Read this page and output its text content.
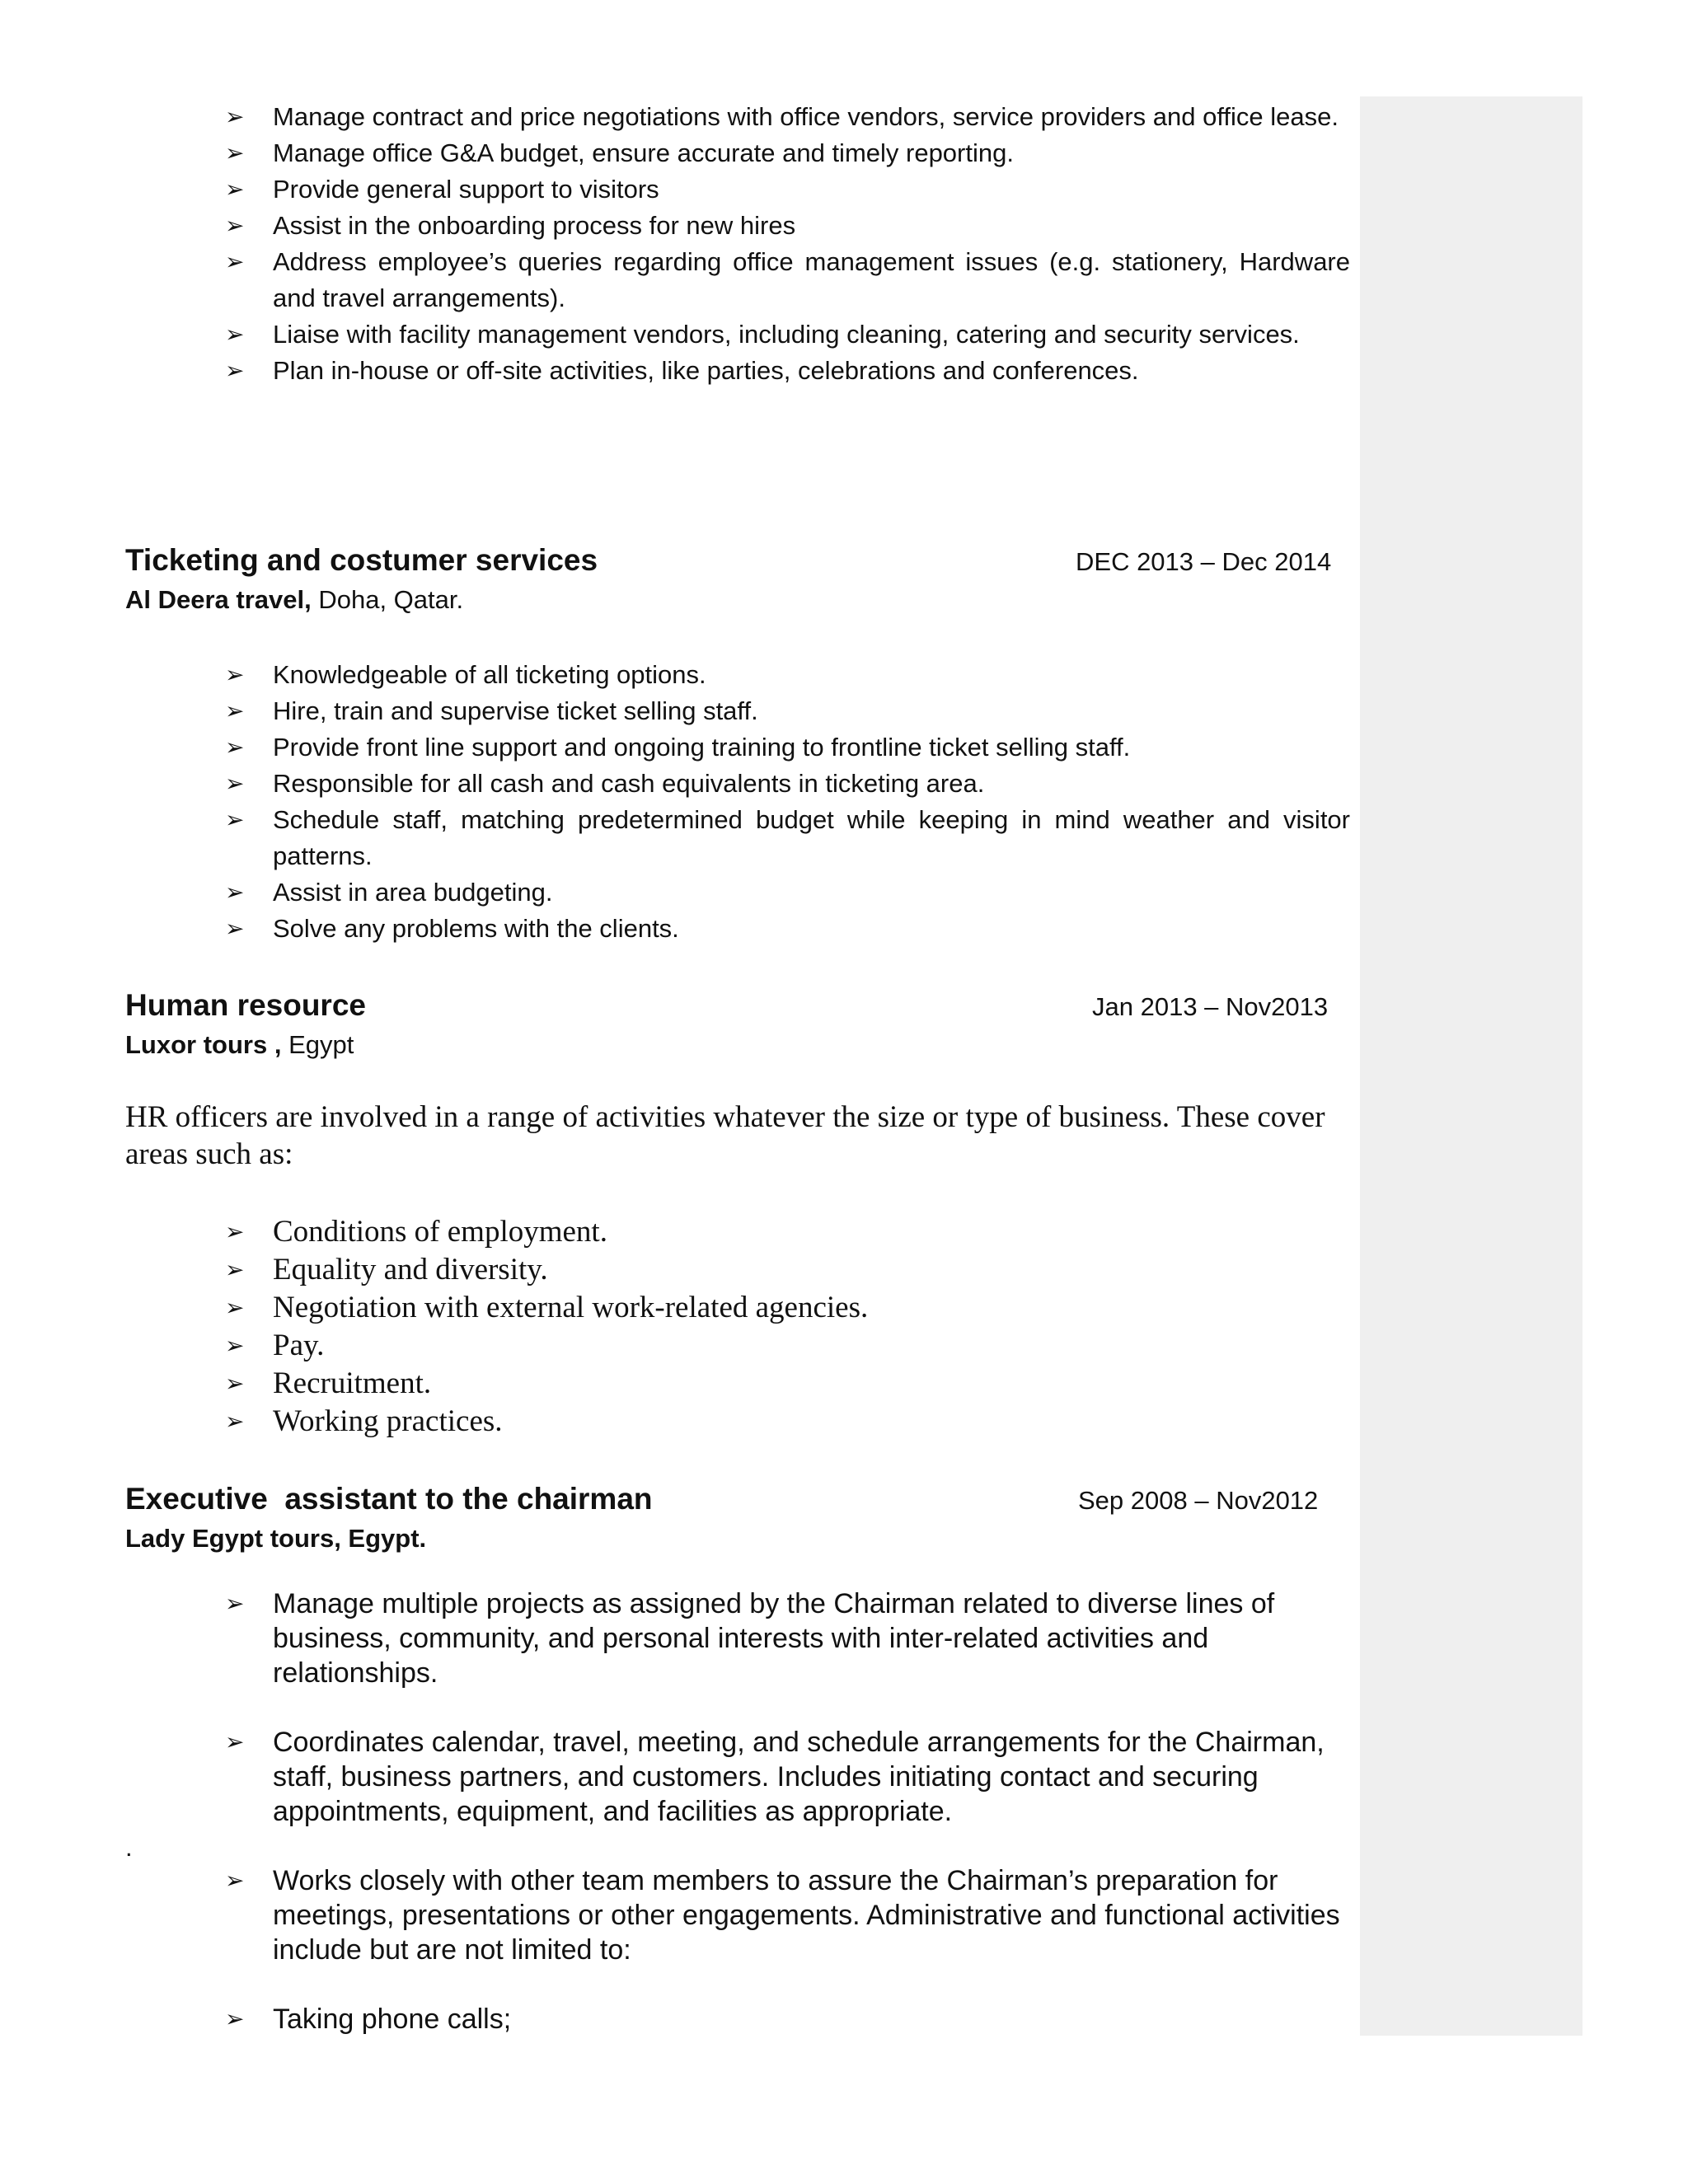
➢ Manage contract and price negotiations with office vendors, service providers and office lease.
➢ Manage office G&A budget, ensure accurate and timely reporting.
➢ Provide general support to visitors
➢ Assist in the onboarding process for new hires
➢ Address employee’s queries regarding office management issues (e.g. stationery, Hardware and travel arrangements).
➢ Liaise with facility management vendors, including cleaning, catering and security services.
➢ Plan in-house or off-site activities, like parties, celebrations and conferences.
Ticketing and costumer services	DEC 2013 – Dec 2014
Al Deera travel, Doha, Qatar.
➢ Knowledgeable of all ticketing options.
➢ Hire, train and supervise ticket selling staff.
➢ Provide front line support and ongoing training to frontline ticket selling staff.
➢ Responsible for all cash and cash equivalents in ticketing area.
➢ Schedule staff, matching predetermined budget while keeping in mind weather and visitor patterns.
➢ Assist in area budgeting.
➢ Solve any problems with the clients.
Human resource	Jan 2013 – Nov2013
Luxor tours , Egypt
HR officers are involved in a range of activities whatever the size or type of business. These cover areas such as:
➢ Conditions of employment.
➢ Equality and diversity.
➢ Negotiation with external work-related agencies.
➢ Pay.
➢ Recruitment.
➢ Working practices.
Executive  assistant to the chairman	Sep 2008 – Nov2012
Lady Egypt tours, Egypt.
.
➢ Manage multiple projects as assigned by the Chairman related to diverse lines of business, community, and personal interests with inter-related activities and relationships.
➢ Coordinates calendar, travel, meeting, and schedule arrangements for the Chairman, staff, business partners, and customers. Includes initiating contact and securing appointments, equipment, and facilities as appropriate.
➢ Works closely with other team members to assure the Chairman’s preparation for meetings, presentations or other engagements. Administrative and functional activities include but are not limited to:
➢ Taking phone calls;
